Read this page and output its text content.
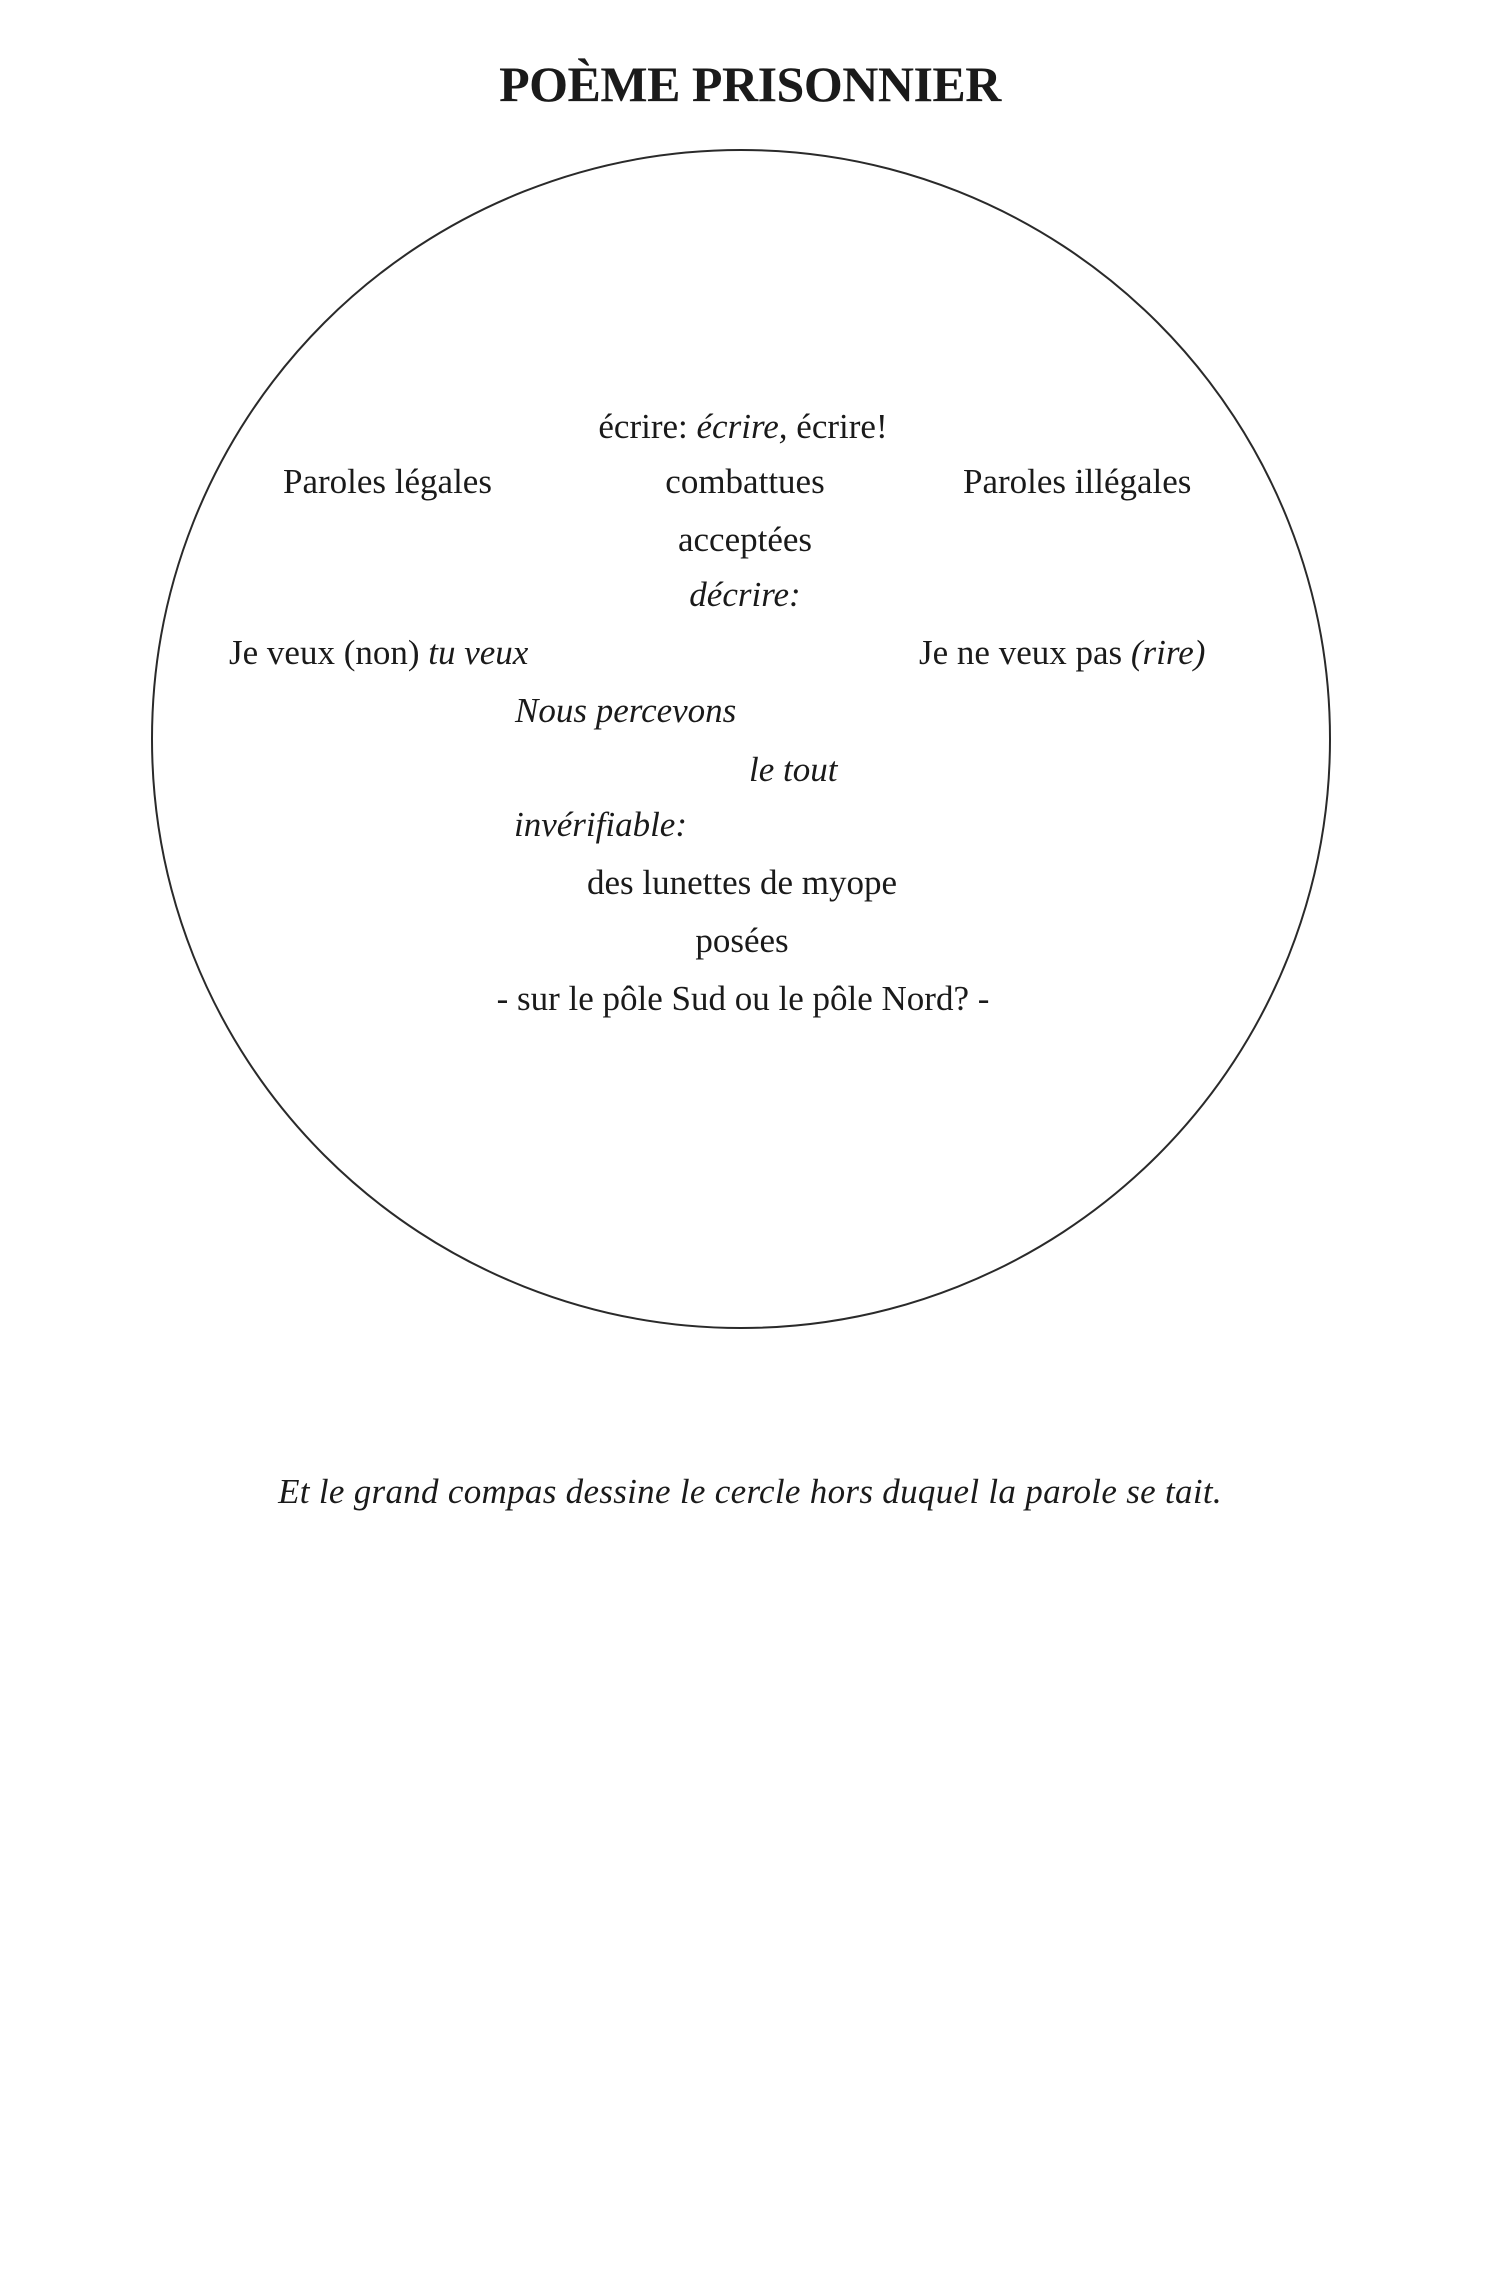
POÈME PRISONNIER
écrire: écrire, écrire!
Paroles légales	combattues	Paroles illégales
acceptées
décrire:
Je veux (non) tu veux	Je ne veux pas (rire)
Nous percevons
le tout
invérifiable:
des lunettes de myope
posées
- sur le pôle Sud ou le pôle Nord? -
Et le grand compas dessine le cercle hors duquel la parole se tait.
